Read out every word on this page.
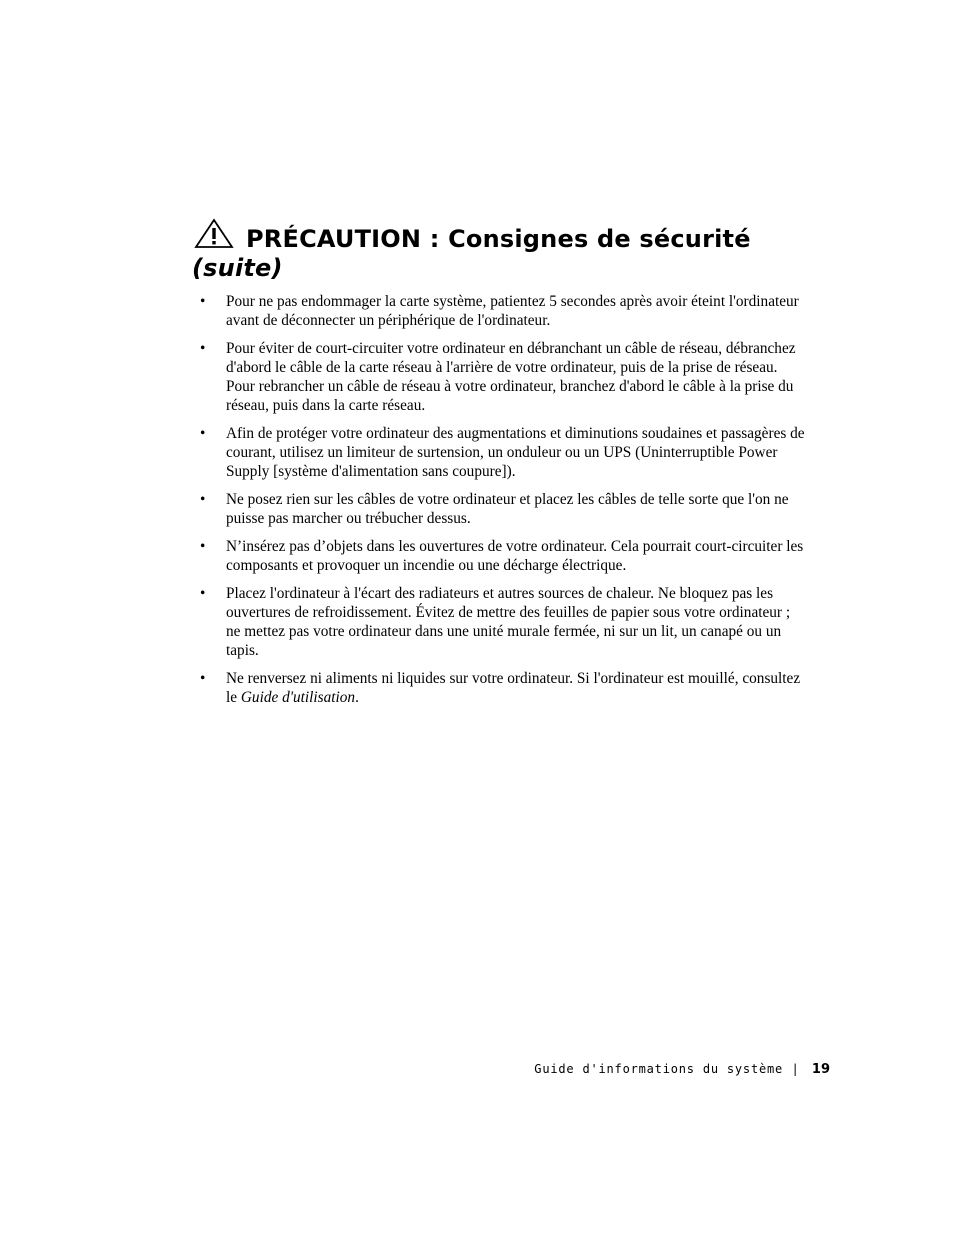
PRÉCAUTION : Consignes de sécurité (suite)
• Pour ne pas endommager la carte système, patientez 5 secondes après avoir éteint l'ordinateur avant de déconnecter un périphérique de l'ordinateur.
• Pour éviter de court-circuiter votre ordinateur en débranchant un câble de réseau, débranchez d'abord le câble de la carte réseau à l'arrière de votre ordinateur, puis de la prise de réseau. Pour rebrancher un câble de réseau à votre ordinateur, branchez d'abord le câble à la prise du réseau, puis dans la carte réseau.
• Afin de protéger votre ordinateur des augmentations et diminutions soudaines et passagères de courant, utilisez un limiteur de surtension, un onduleur ou un UPS (Uninterruptible Power Supply [système d'alimentation sans coupure]).
• Ne posez rien sur les câbles de votre ordinateur et placez les câbles de telle sorte que l'on ne puisse pas marcher ou trébucher dessus.
• N’insérez pas d’objets dans les ouvertures de votre ordinateur. Cela pourrait court-circuiter les composants et provoquer un incendie ou une décharge électrique.
• Placez l'ordinateur à l'écart des radiateurs et autres sources de chaleur. Ne bloquez pas les ouvertures de refroidissement. Évitez de mettre des feuilles de papier sous votre ordinateur ; ne mettez pas votre ordinateur dans une unité murale fermée, ni sur un lit, un canapé ou un tapis.
• Ne renversez ni aliments ni liquides sur votre ordinateur. Si l'ordinateur est mouillé, consultez le Guide d'utilisation.
Guide d'informations du système | 19
